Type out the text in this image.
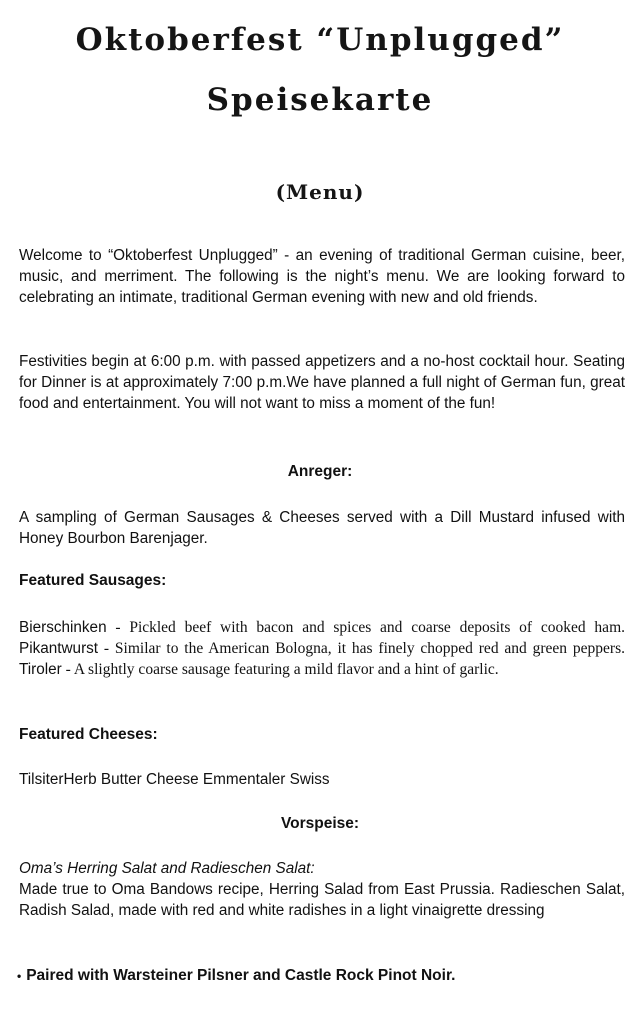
Oktoberfest “Unplugged”
Speisekarte
(Menu)

Welcome to “Oktoberfest Unplugged” - an evening of traditional German cuisine, beer, music, and merriment. The following is the night’s menu. We are looking forward to celebrating an intimate, traditional German evening with new and old friends.

Festivities begin at 6:00 p.m. with passed appetizers and a no-host cocktail hour. Seating for Dinner is at approximately 7:00 p.m.We have planned a full night of German fun, great food and entertainment. You will not want to miss a moment of the fun!

Anreger:

A sampling of German Sausages & Cheeses served with a Dill Mustard infused with Honey Bourbon Barenjager.

Featured Sausages:

Bierschinken - Pickled beef with bacon and spices and coarse deposits of cooked ham. Pikantwurst - Similar to the American Bologna, it has finely chopped red and green peppers. Tiroler - A slightly coarse sausage featuring a mild flavor and a hint of garlic.

Featured Cheeses:

TilsiterHerb Butter Cheese Emmentaler Swiss

Vorspeise:

Oma’s Herring Salat and Radieschen Salat:
Made true to Oma Bandows recipe, Herring Salad from East Prussia. Radieschen Salat, Radish Salad, made with red and white radishes in a light vinaigrette dressing

• Paired with Warsteiner Pilsner and Castle Rock Pinot Noir.
